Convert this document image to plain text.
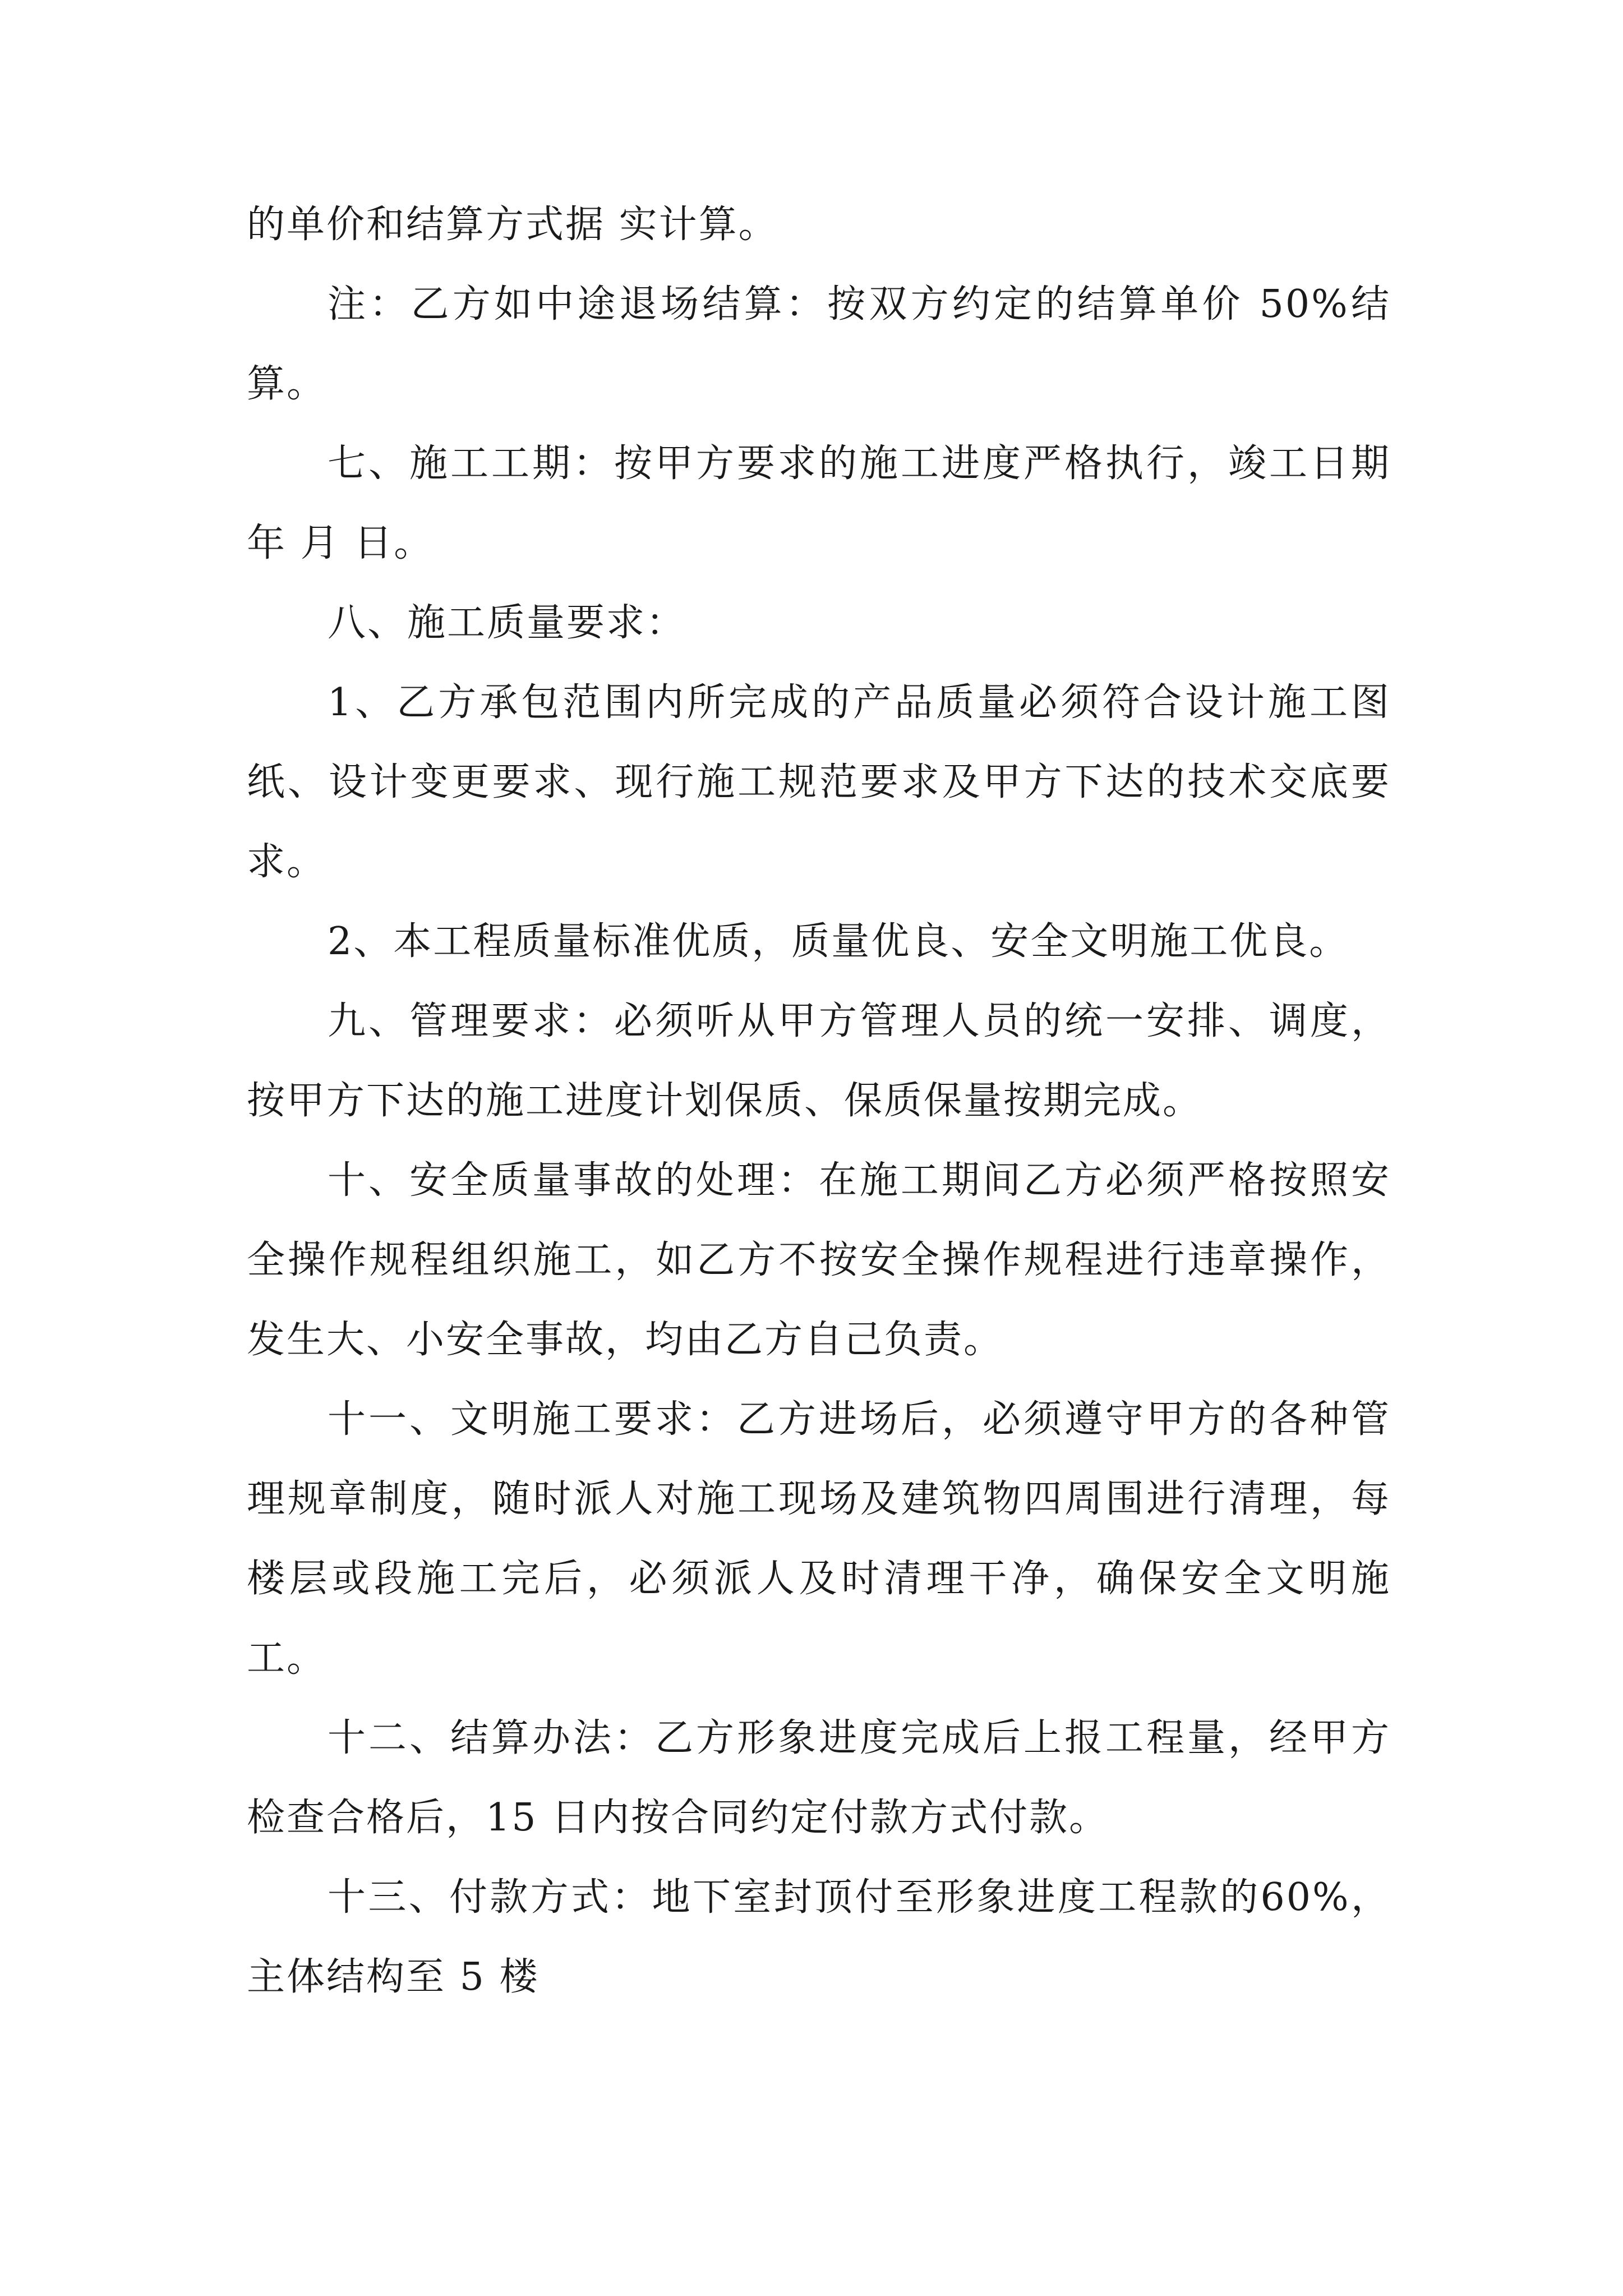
的单价和结算方式据 实计算。

注：乙方如中途退场结算：按双方约定的结算单价 50%结算。

七、施工工期：按甲方要求的施工进度严格执行，竣工日期 年 月 日。

八、施工质量要求：

1、乙方承包范围内所完成的产品质量必须符合设计施工图纸、设计变更要求、现行施工规范要求及甲方下达的技术交底要求。

2、本工程质量标准优质，质量优良、安全文明施工优良。

九、管理要求：必须听从甲方管理人员的统一安排、调度，按甲方下达的施工进度计划保质、保质保量按期完成。

十、安全质量事故的处理：在施工期间乙方必须严格按照安全操作规程组织施工，如乙方不按安全操作规程进行违章操作，发生大、小安全事故，均由乙方自己负责。

十一、文明施工要求：乙方进场后，必须遵守甲方的各种管理规章制度，随时派人对施工现场及建筑物四周围进行清理，每楼层或段施工完后，必须派人及时清理干净，确保安全文明施工。

十二、结算办法：乙方形象进度完成后上报工程量，经甲方检查合格后，15 日内按合同约定付款方式付款。

十三、付款方式：地下室封顶付至形象进度工程款的60%，主体结构至 5 楼
